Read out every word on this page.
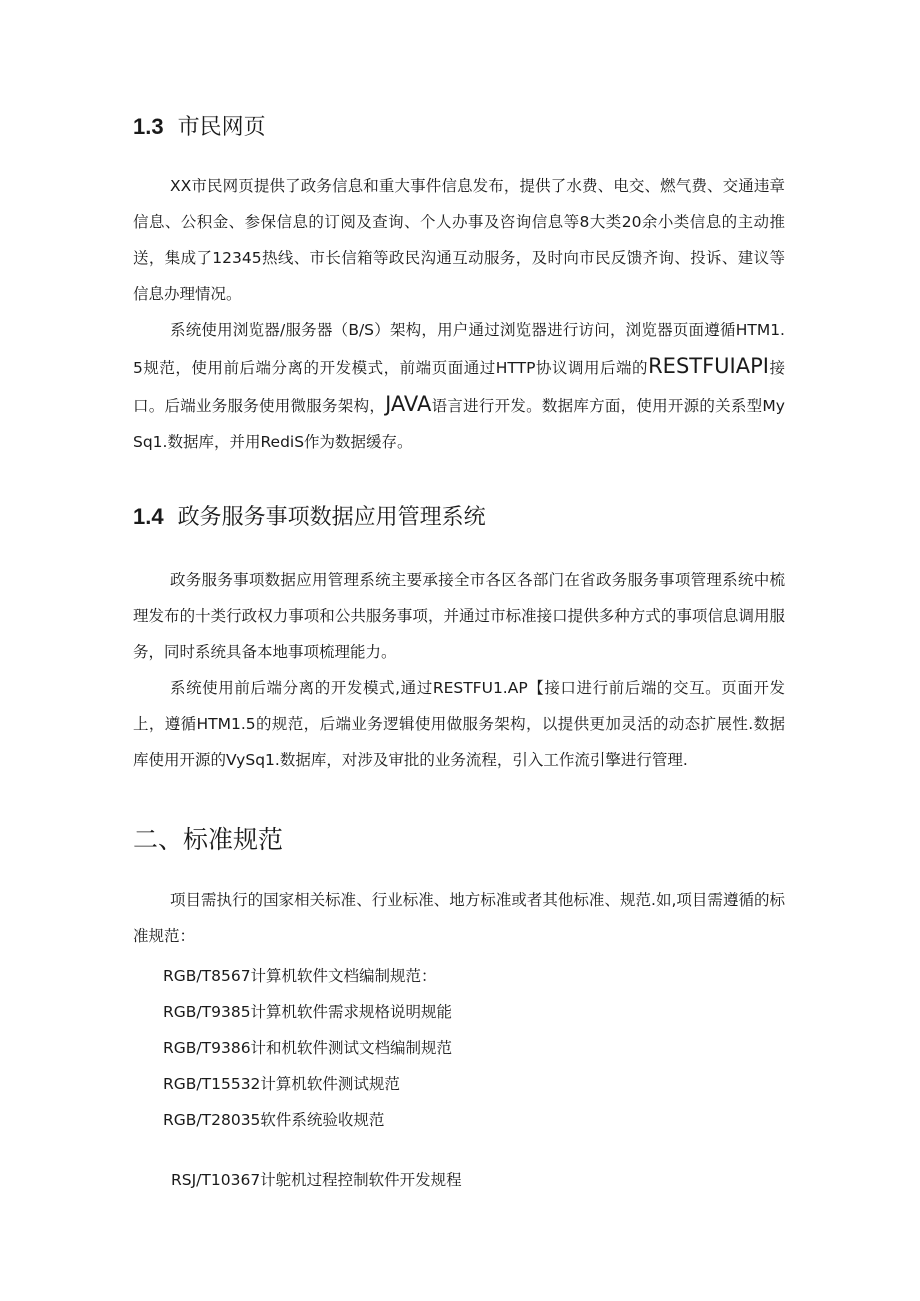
1.3 市民网页

XX市民网页提供了政务信息和重大事件信息发布，提供了水费、电交、燃气费、交通违章信息、公积金、参保信息的订阅及查询、个人办事及咨询信息等8大类20余小类信息的主动推送，集成了12345热线、市长信箱等政民沟通互动服务，及时向市民反馈齐询、投诉、建议等信息办理情况。

系统使用浏览器/服务器（B/S）架构，用户通过浏览器进行访问，浏览器页面遵循HTM1.5规范，使用前后端分离的开发模式，前端页面通过HTTP协议调用后端的RESTFUIAPI接口。后端业务服务使用微服务架构，JAVA语言进行开发。数据库方面，使用开源的关系型MySq1.数据库，并用RediS作为数据缓存。

1.4 政务服务事项数据应用管理系统

政务服务事项数据应用管理系统主要承接全市各区各部门在省政务服务事项管理系统中梳理发布的十类行政权力事项和公共服务事项，并通过市标准接口提供多种方式的事项信息调用服务，同时系统具备本地事项梳理能力。

系统使用前后端分离的开发模式,通过RESTFU1.AP【接口进行前后端的交互。页面开发上，遵循HTM1.5的规范，后端业务逻辑使用做服务架构，以提供更加灵活的动态扩展性.数据库使用开源的VySq1.数据库，对涉及审批的业务流程，引入工作流引擎进行管理.

二、标准规范

项目需执行的国家相关标准、行业标准、地方标准或者其他标准、规范.如,项目需遵循的标准规范：

RGB/T8567计算机软件文档编制规范：

RGB/T9385计算机软件需求规格说明规能

RGB/T9386计和机软件测试文档编制规范

RGB/T15532计算机软件测试规范

RGB/T28035软件系统验收规范

RSJ/T10367计鸵机过程控制软件开发规程
